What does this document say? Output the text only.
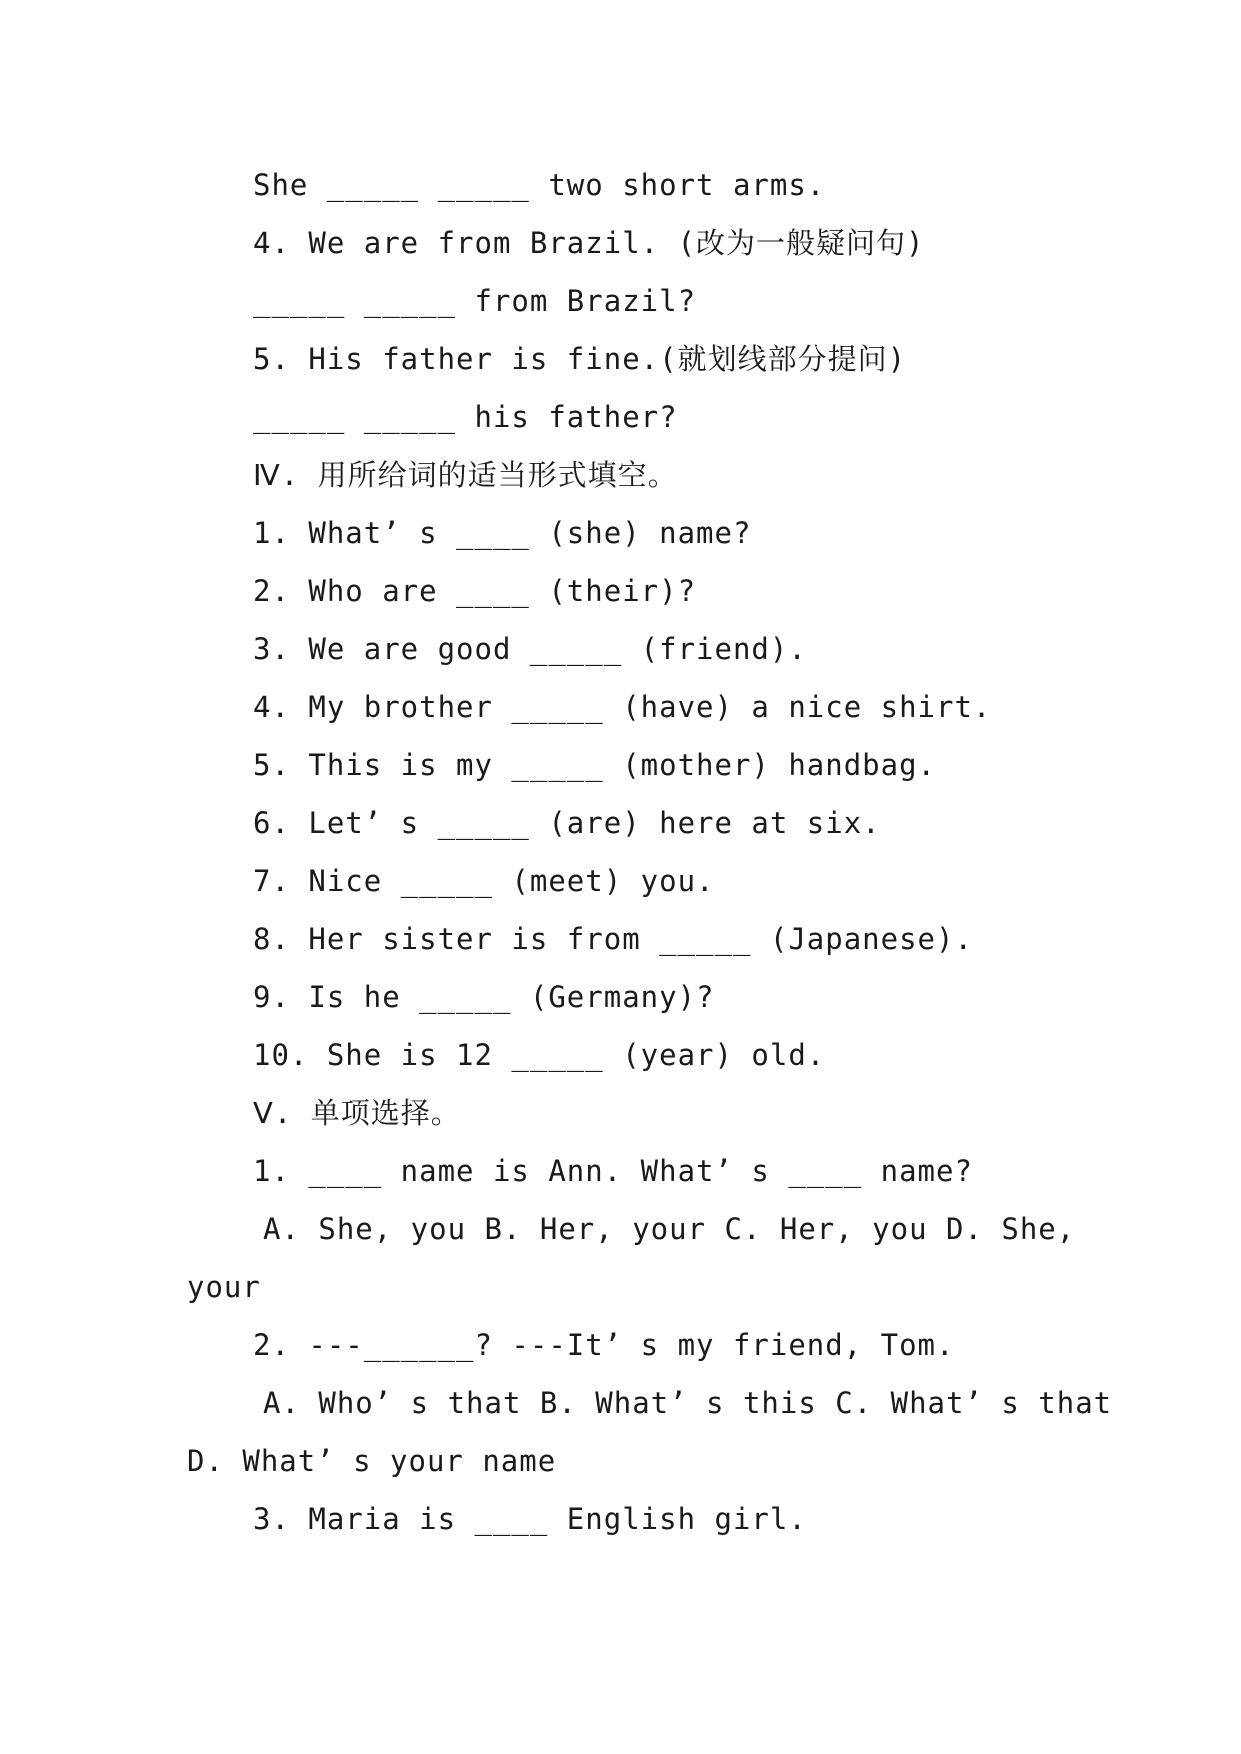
She _____ _____ two short arms.
4. We are from Brazil. (改为一般疑问句)
_____ _____ from Brazil?
5. His father is fine.(就划线部分提问)
_____ _____ his father?
Ⅳ. 用所给词的适当形式填空。
1. What’ s ____ (she) name?
2. Who are ____ (their)?
3. We are good _____ (friend).
4. My brother _____ (have) a nice shirt.
5. This is my _____ (mother) handbag.
6. Let’ s _____ (are) here at six.
7. Nice _____ (meet) you.
8. Her sister is from _____ (Japanese).
9. Is he _____ (Germany)?
10. She is 12 _____ (year) old.
Ⅴ. 单项选择。
1. ____ name is Ann. What’ s ____ name?
A. She, you B. Her, your C. Her, you D. She,
your
2. ---______? ---It’ s my friend, Tom.
A. Who’ s that B. What’ s this C. What’ s that
D. What’ s your name
3. Maria is ____ English girl.
